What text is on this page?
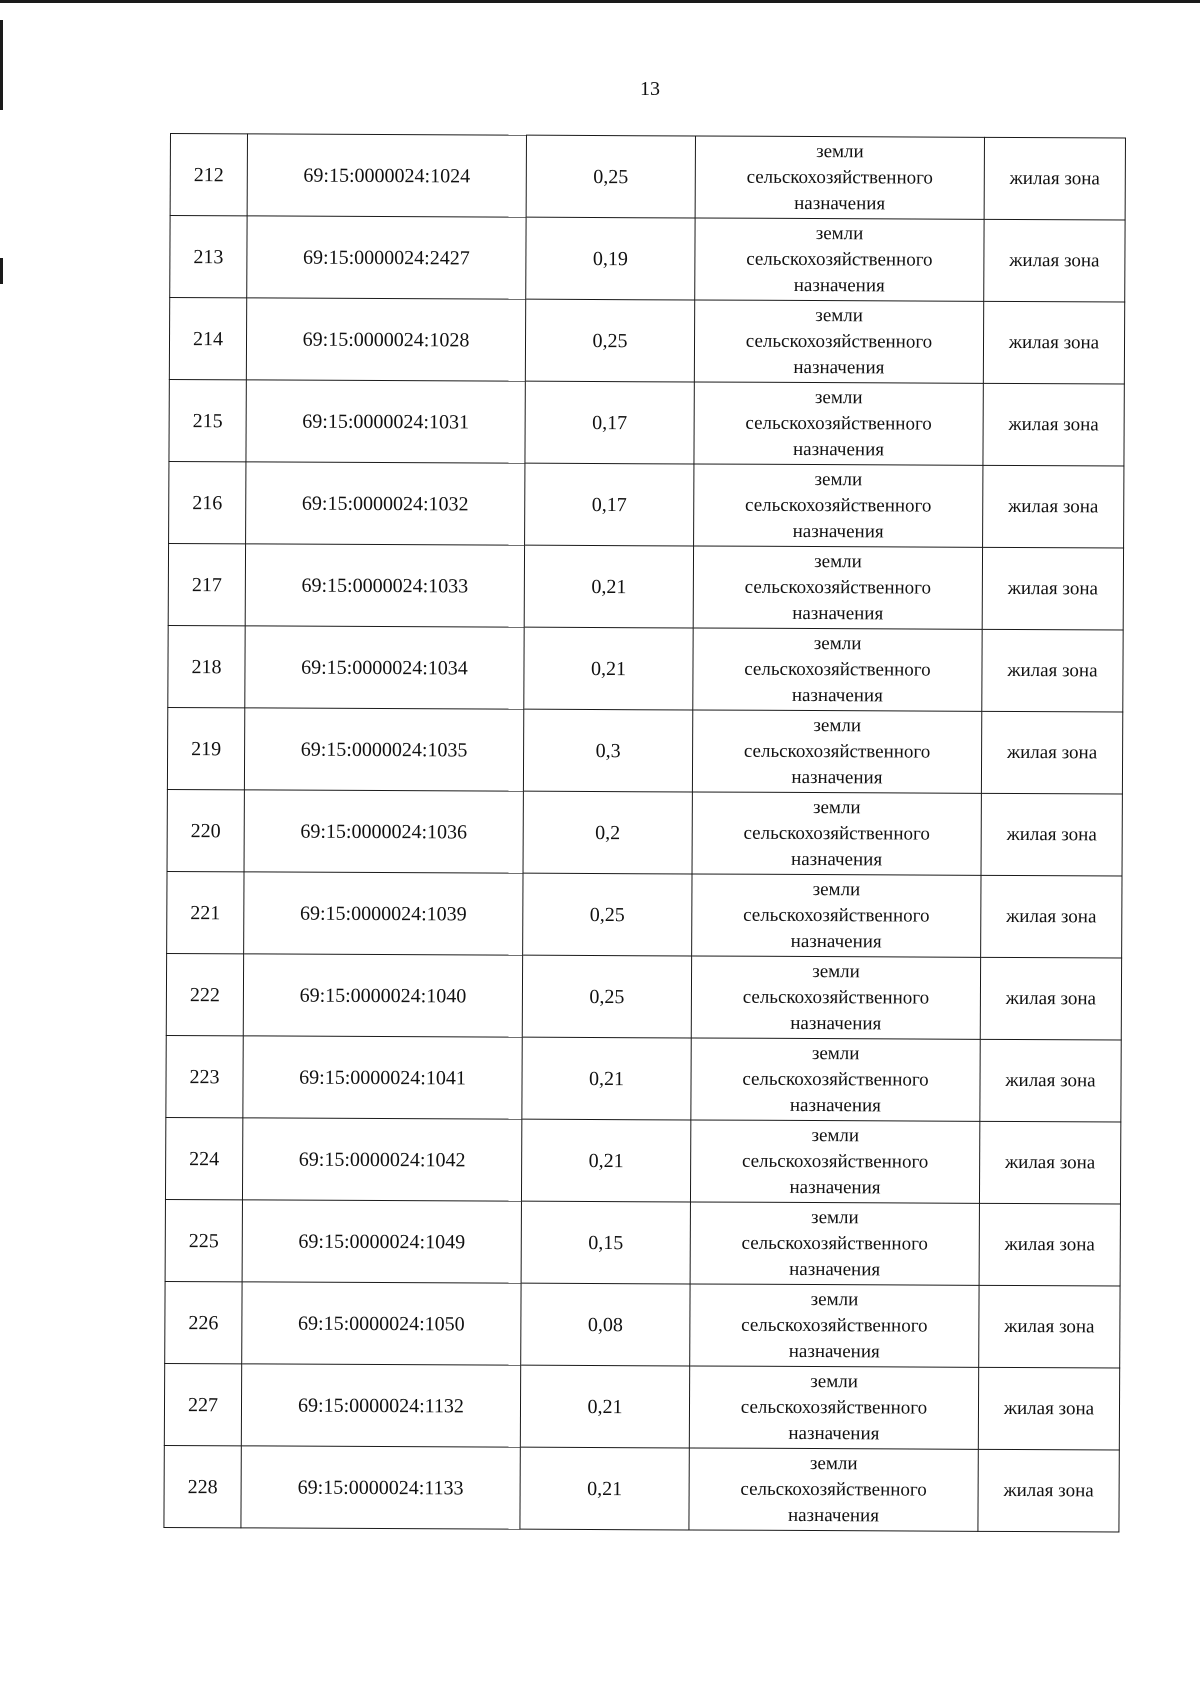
13
212	69:15:0000024:1024	0,25	земли
сельскохозяйственного
назначения	жилая зона
213	69:15:0000024:2427	0,19	земли
сельскохозяйственного
назначения	жилая зона
214	69:15:0000024:1028	0,25	земли
сельскохозяйственного
назначения	жилая зона
215	69:15:0000024:1031	0,17	земли
сельскохозяйственного
назначения	жилая зона
216	69:15:0000024:1032	0,17	земли
сельскохозяйственного
назначения	жилая зона
217	69:15:0000024:1033	0,21	земли
сельскохозяйственного
назначения	жилая зона
218	69:15:0000024:1034	0,21	земли
сельскохозяйственного
назначения	жилая зона
219	69:15:0000024:1035	0,3	земли
сельскохозяйственного
назначения	жилая зона
220	69:15:0000024:1036	0,2	земли
сельскохозяйственного
назначения	жилая зона
221	69:15:0000024:1039	0,25	земли
сельскохозяйственного
назначения	жилая зона
222	69:15:0000024:1040	0,25	земли
сельскохозяйственного
назначения	жилая зона
223	69:15:0000024:1041	0,21	земли
сельскохозяйственного
назначения	жилая зона
224	69:15:0000024:1042	0,21	земли
сельскохозяйственного
назначения	жилая зона
225	69:15:0000024:1049	0,15	земли
сельскохозяйственного
назначения	жилая зона
226	69:15:0000024:1050	0,08	земли
сельскохозяйственного
назначения	жилая зона
227	69:15:0000024:1132	0,21	земли
сельскохозяйственного
назначения	жилая зона
228	69:15:0000024:1133	0,21	земли
сельскохозяйственного
назначения	жилая зона
